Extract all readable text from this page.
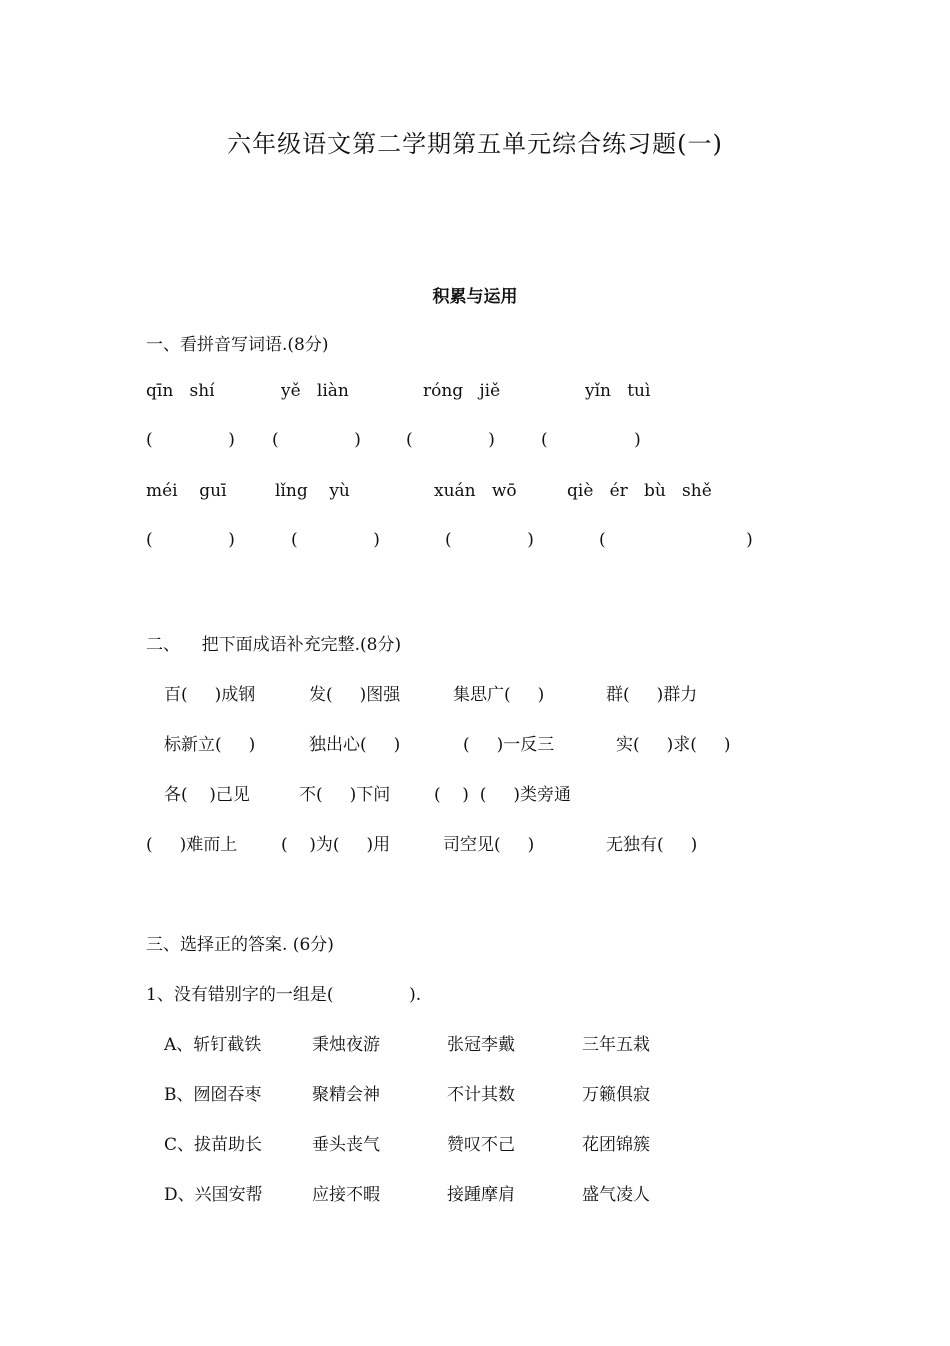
六年级语文第二学期第五单元综合练习题(一)
积累与运用
一、看拼音写词语.(8分)
qīn   shí	yě   liàn	róng   jiě	yǐn   tuì
(              ) (              )	(              )	(                )
méi    guī	lǐng    yù	xuán   wō	qiè   ér   bù   shě
(              )	(              )	(              )	(                          )
二、    把下面成语补充完整.(8分)
百(     )成钢	发(     )图强	集思广(     )	群(     )群力
标新立(     )	独出心(     )	(     )一反三	实(     )求(     )
各(    )己见	不(     )下问	(    )  (     )类旁通
(     )难而上	(    )为(     )用	司空见(     )	无独有(     )
三、选择正的答案. (6分)
1、没有错别字的一组是(              ).
A、斩钉截铁	秉烛夜游	张冠李戴	三年五栽
B、囫囵吞枣	聚精会神	不计其数	万籁俱寂
C、拔苗助长	垂头丧气	赞叹不己	花团锦簇
D、兴国安帮	应接不暇	接踵摩肩	盛气凌人
